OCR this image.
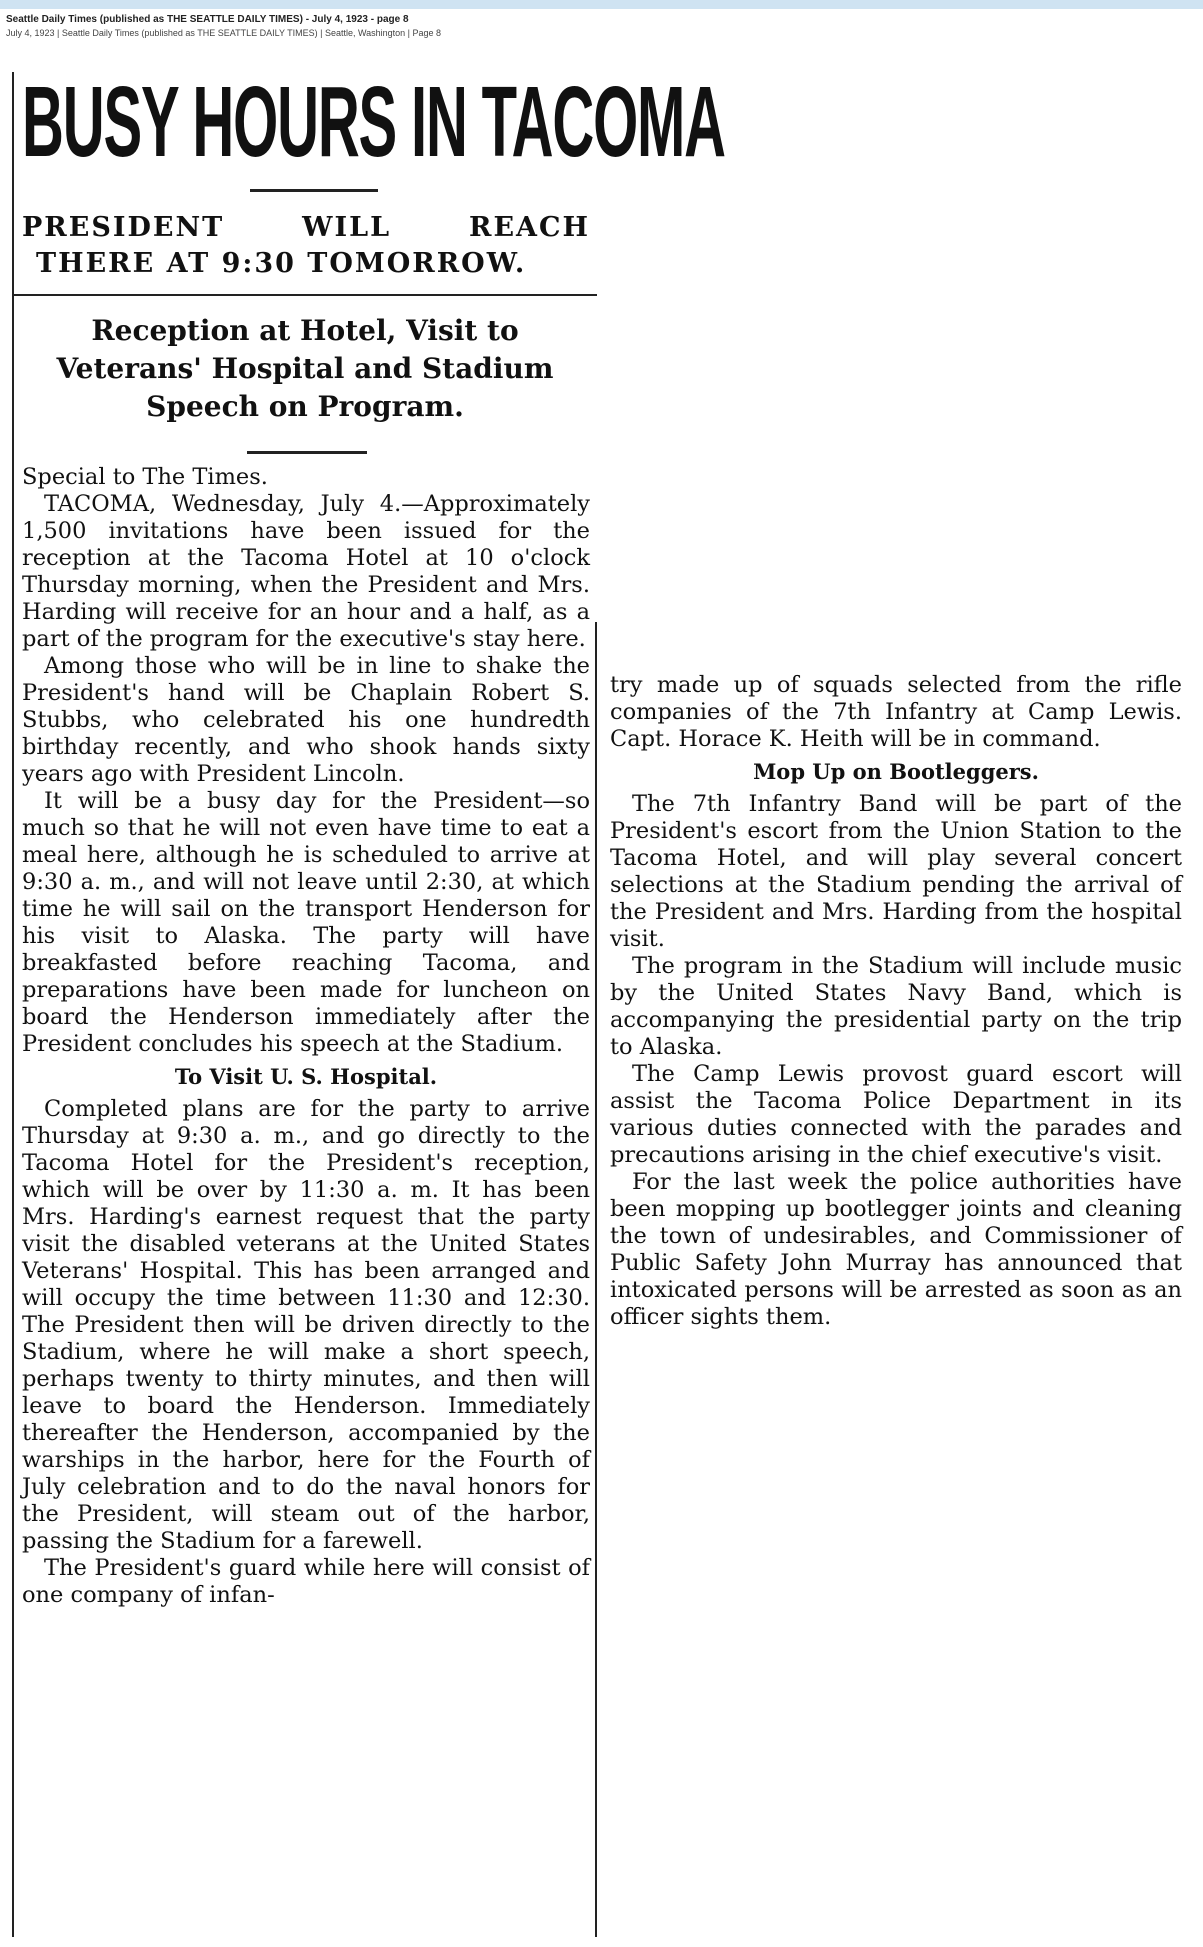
Seattle Daily Times (published as THE SEATTLE DAILY TIMES) - July 4, 1923 - page 8
July 4, 1923 | Seattle Daily Times (published as THE SEATTLE DAILY TIMES) | Seattle, Washington | Page 8
BUSY HOURS IN TACOMA
PRESIDENT	WILL	REACH
THERE AT 9:30 TOMORROW.
Reception at Hotel, Visit to Veterans' Hospital and Stadium Speech on Program.

Special to The Times.

TACOMA, Wednesday, July 4.—Approximately 1,500 invitations have been issued for the reception at the Tacoma Hotel at 10 o'clock Thursday morning, when the President and Mrs. Harding will receive for an hour and a half, as a part of the program for the executive's stay here.

Among those who will be in line to shake the President's hand will be Chaplain Robert S. Stubbs, who celebrated his one hundredth birthday recently, and who shook hands sixty years ago with President Lincoln.

It will be a busy day for the President—so much so that he will not even have time to eat a meal here, although he is scheduled to arrive at 9:30 a. m., and will not leave until 2:30, at which time he will sail on the transport Henderson for his visit to Alaska. The party will have breakfasted before reaching Tacoma, and preparations have been made for luncheon on board the Henderson immediately after the President concludes his speech at the Stadium.

To Visit U. S. Hospital.

Completed plans are for the party to arrive Thursday at 9:30 a. m., and go directly to the Tacoma Hotel for the President's reception, which will be over by 11:30 a. m. It has been Mrs. Harding's earnest request that the party visit the disabled veterans at the United States Veterans' Hospital. This has been arranged and will occupy the time between 11:30 and 12:30. The President then will be driven directly to the Stadium, where he will make a short speech, perhaps twenty to thirty minutes, and then will leave to board the Henderson. Immediately thereafter the Henderson, accompanied by the warships in the harbor, here for the Fourth of July celebration and to do the naval honors for the President, will steam out of the harbor, passing the Stadium for a farewell.

The President's guard while here will consist of one company of infan-

try made up of squads selected from the rifle companies of the 7th Infantry at Camp Lewis. Capt. Horace K. Heith will be in command.

Mop Up on Bootleggers.

The 7th Infantry Band will be part of the President's escort from the Union Station to the Tacoma Hotel, and will play several concert selections at the Stadium pending the arrival of the President and Mrs. Harding from the hospital visit.

The program in the Stadium will include music by the United States Navy Band, which is accompanying the presidential party on the trip to Alaska.

The Camp Lewis provost guard escort will assist the Tacoma Police Department in its various duties connected with the parades and precautions arising in the chief executive's visit.

For the last week the police authorities have been mopping up bootlegger joints and cleaning the town of undesirables, and Commissioner of Public Safety John Murray has announced that intoxicated persons will be arrested as soon as an officer sights them.
